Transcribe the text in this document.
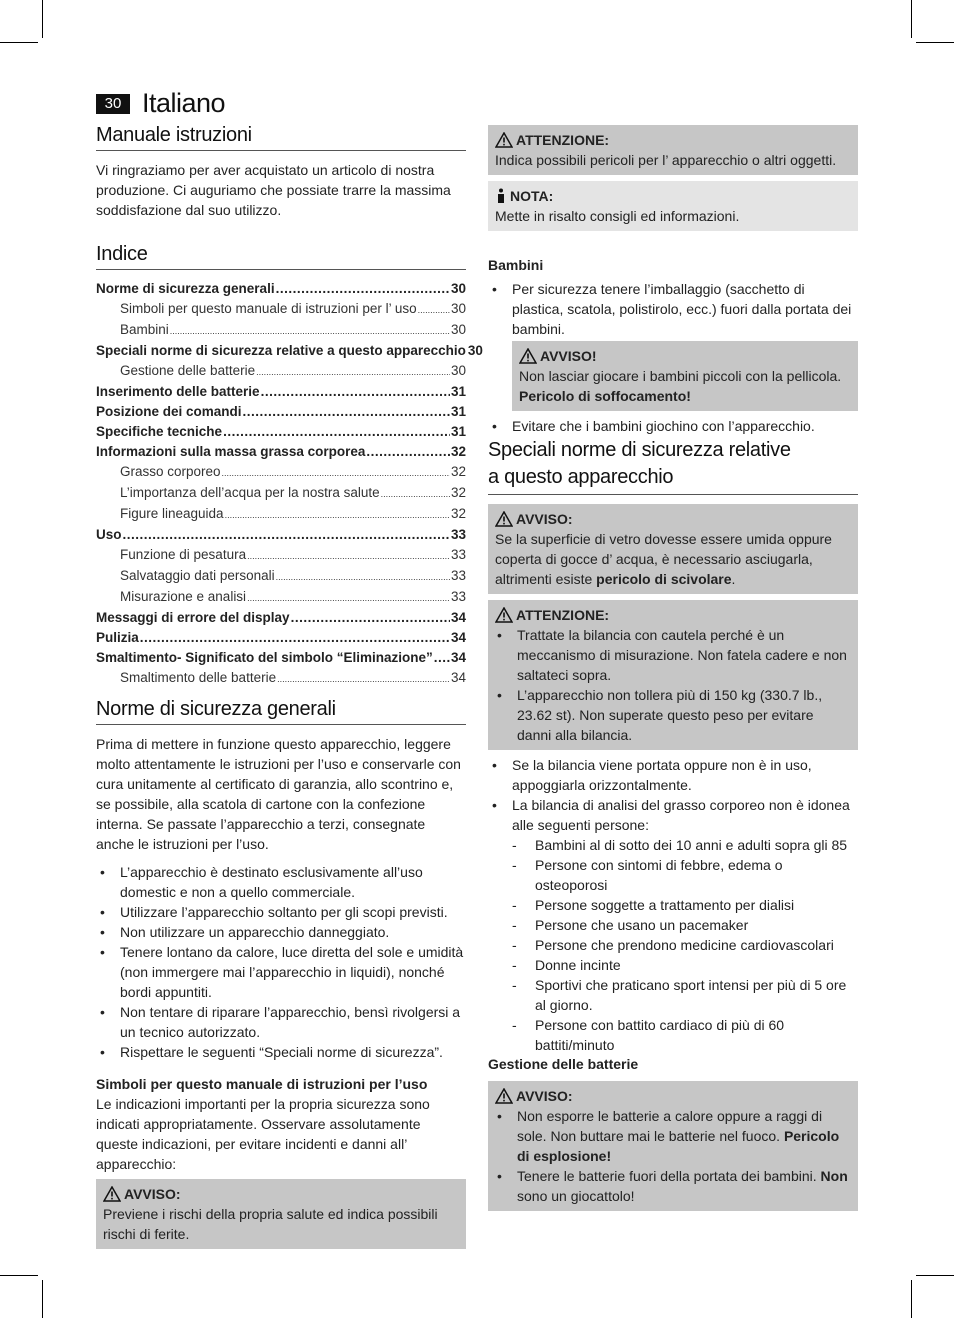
30 Italiano
Manuale istruzioni

Vi ringraziamo per aver acquistato un articolo di nostra produzione. Ci auguriamo che possiate trarre la massima soddisfazione dal suo utilizzo.

Indice
Norme di sicurezza generali .....	30
Simboli per questo manuale di istruzioni per l’ uso .....	30
Bambini .....	30
Speciali norme di sicurezza relative a questo apparecchio 30
Gestione delle batterie .....	30
Inserimento delle batterie .....	31
Posizione dei comandi .....	31
Specifiche tecniche .....	31
Informazioni sulla massa grassa corporea .....	32
Grasso corporeo .....	32
L’importanza dell’acqua per la nostra salute .....	32
Figure lineaguida .....	32
Uso .....	33
Funzione di pesatura .....	33
Salvataggio dati personali .....	33
Misurazione e analisi .....	33
Messaggi di errore del display .....	34
Pulizia .....	34
Smaltimento- Significato del simbolo “Eliminazione” ..... 34
Smaltimento delle batterie .....	34
Norme di sicurezza generali

Prima di mettere in funzione questo apparecchio, leggere molto attentamente le istruzioni per l’uso e conservarle con cura unitamente al certificato di garanzia, allo scontrino e, se possibile, alla scatola di cartone con la confezione interna. Se passate l’apparecchio a terzi, consegnate anche le istruzioni per l’uso.

• L’apparecchio è destinato esclusivamente all’uso domestic e non a quello commerciale.
• Utilizzare l’apparecchio soltanto per gli scopi previsti.
• Non utilizzare un apparecchio danneggiato.
• Tenere lontano da calore, luce diretta del sole e umidità (non immergere mai l’apparecchio in liquidi), nonché bordi appuntiti.
• Non tentare di riparare l’apparecchio, bensì rivolgersi a un tecnico autorizzato.
• Rispettare le seguenti “Speciali norme di sicurezza”.
Simboli per questo manuale di istruzioni per l’uso

Le indicazioni importanti per la propria sicurezza sono indicati appropriatamente. Osservare assolutamente queste indicazioni, per evitare incidenti e danni all’ apparecchio:

AVVISO:

Previene i rischi della propria salute ed indica possibili rischi di ferite.

ATTENZIONE:

Indica possibili pericoli per l’ apparecchio o altri oggetti.

NOTA:

Mette in risalto consigli ed informazioni.

Bambini
• Per sicurezza tenere l’imballaggio (sacchetto di plastica, scatola, polistirolo, ecc.) fuori dalla portata dei bambini.
AVVISO!

Non lasciar giocare i bambini piccoli con la pellicola.

Pericolo di soffocamento!

• Evitare che i bambini giochino con l’apparecchio.
Speciali norme di sicurezza relative
a questo apparecchio
AVVISO:

Se la superficie di vetro dovesse essere umida oppure coperta di gocce d’ acqua, è necessario asciugarla, altrimenti esiste pericolo di scivolare.

ATTENZIONE:
• Trattate la bilancia con cautela perché è un meccanismo di misurazione. Non fatela cadere e non saltateci sopra.
• L’apparecchio non tollera più di 150 kg (330.7 lb., 23.62 st). Non superate questo peso per evitare danni alla bilancia.
• Se la bilancia viene portata oppure non è in uso, appoggiarla orizzontalmente.
• La bilancia di analisi del grasso corporeo non è idonea alle seguenti persone:
- Bambini al di sotto dei 10 anni e adulti sopra gli 85
- Persone con sintomi di febbre, edema o osteoporosi
- Persone soggette a trattamento per dialisi
- Persone che usano un pacemaker
- Persone che prendono medicine cardiovascolari
- Donne incinte
- Sportivi che praticano sport intensi per più di 5 ore al giorno.
- Persone con battito cardiaco di più di 60 battiti/minuto
Gestione delle batterie
AVVISO:
• Non esporre le batterie a calore oppure a raggi di sole. Non buttare mai le batterie nel fuoco. Pericolo di esplosione!
• Tenere le batterie fuori della portata dei bambini. Non sono un giocattolo!
